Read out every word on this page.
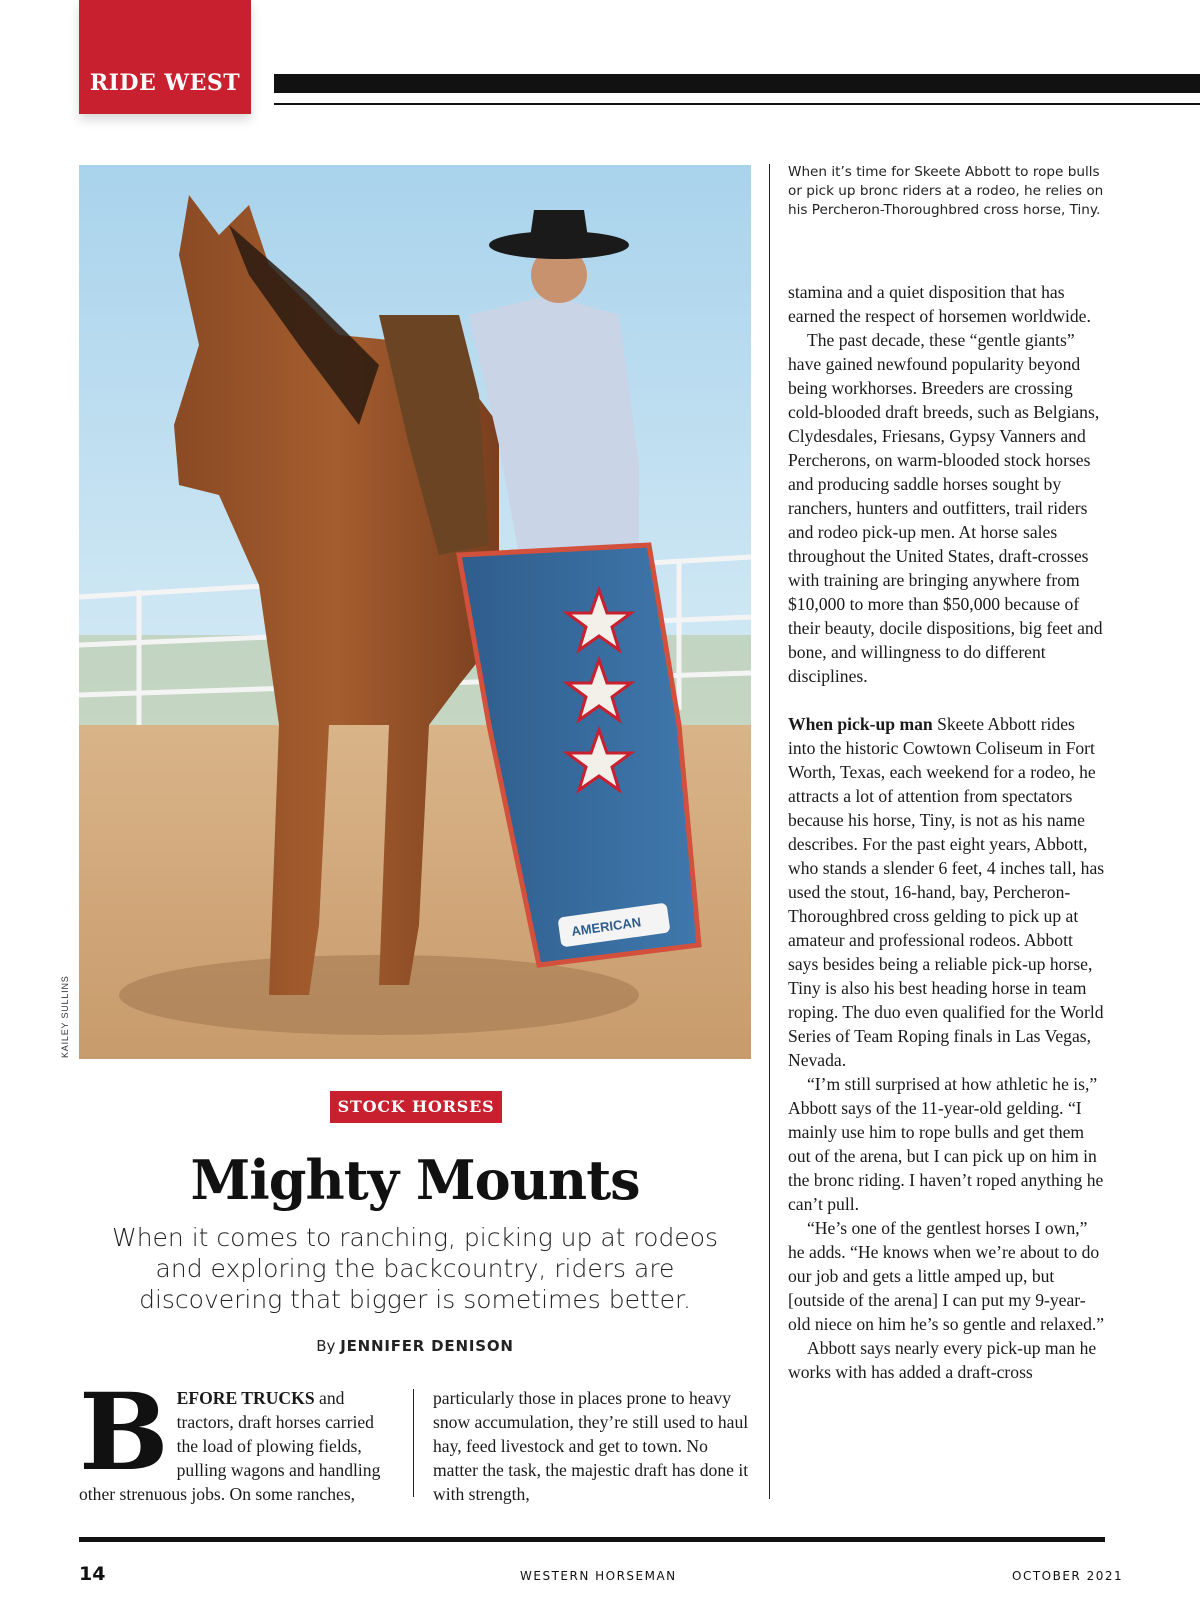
RIDE WEST
AMERICAN
KAILEY SULLINS
When it’s time for Skeete Abbott to rope bulls or pick up bronc riders at a rodeo, he relies on his Percheron-Thoroughbred cross horse, Tiny.
STOCK HORSES
Mighty Mounts
When it comes to ranching, picking up at rodeos and exploring the backcountry, riders are discovering that bigger is sometimes better.
By JENNIFER DENISON

BEFORE TRUCKS and tractors, draft horses carried the load of plowing fields, pulling wagons and handling other strenuous jobs. On some ranches,

particularly those in places prone to heavy snow accumulation, they’re still used to haul hay, feed livestock and get to town. No matter the task, the majestic draft has done it with strength,

stamina and a quiet disposition that has earned the respect of horsemen worldwide.

The past decade, these “gentle giants” have gained newfound popularity beyond being workhorses. Breeders are crossing cold-blooded draft breeds, such as Belgians, Clydesdales, Friesans, Gypsy Vanners and Percherons, on warm-blooded stock horses and producing saddle horses sought by ranchers, hunters and outfitters, trail riders and rodeo pick-up men. At horse sales throughout the United States, draft-crosses with training are bringing anywhere from $10,000 to more than $50,000 because of their beauty, docile dispositions, big feet and bone, and willingness to do different disciplines.

When pick-up man Skeete Abbott rides into the historic Cowtown Coliseum in Fort Worth, Texas, each weekend for a rodeo, he attracts a lot of attention from spectators because his horse, Tiny, is not as his name describes. For the past eight years, Abbott, who stands a slender 6 feet, 4 inches tall, has used the stout, 16-hand, bay, Percheron-Thoroughbred cross gelding to pick up at amateur and professional rodeos. Abbott says besides being a reliable pick-up horse, Tiny is also his best heading horse in team roping. The duo even qualified for the World Series of Team Roping finals in Las Vegas, Nevada.

“I’m still surprised at how athletic he is,” Abbott says of the 11-year-old gelding. “I mainly use him to rope bulls and get them out of the arena, but I can pick up on him in the bronc riding. I haven’t roped anything he can’t pull.

“He’s one of the gentlest horses I own,” he adds. “He knows when we’re about to do our job and gets a little amped up, but [outside of the arena] I can put my 9-year-old niece on him he’s so gentle and relaxed.”

Abbott says nearly every pick-up man he works with has added a draft-cross

14	WESTERN HORSEMAN	OCTOBER 2021
